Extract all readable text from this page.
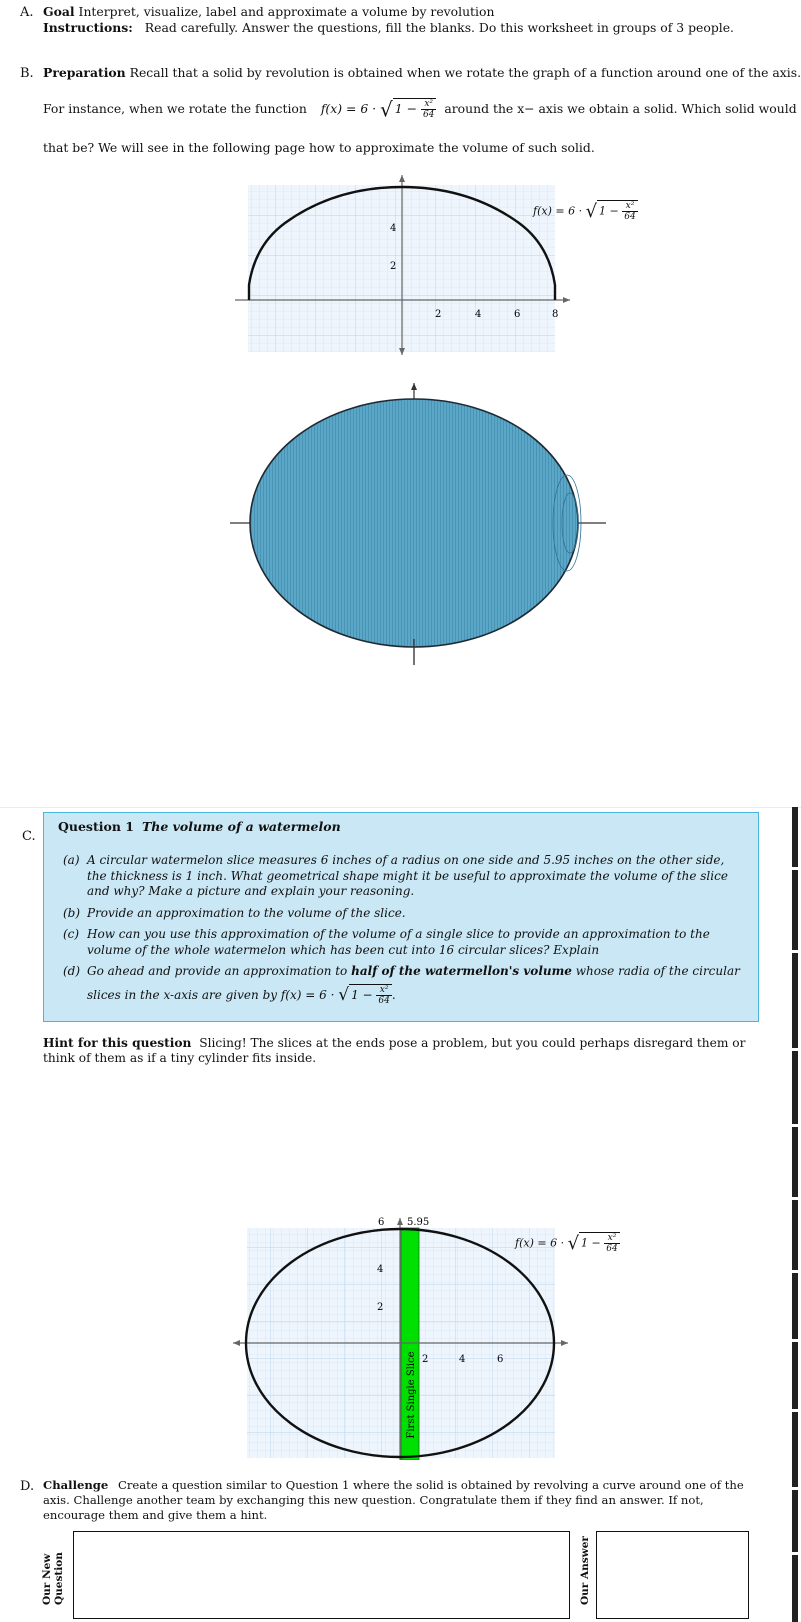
A. Goal Interpret, visualize, label and approximate a volume by revolution
Instructions: Read carefully. Answer the questions, fill the blanks. Do this worksheet in groups of 3 people.
B. Preparation Recall that a solid by revolution is obtained when we rotate the graph of a function around one of the axis.
For instance, when we rotate the function f(x) = 6 · √ $1 - \frac{\text{x²}}{64}$ around the x− axis we obtain a solid. Which solid would
that be? We will see in the following page how to approximate the volume of such solid.
4
2
2	4	6	8
f(x) = 6 · √ $1 - \frac{\text{x²}}{64}$
C.
Question 1 The volume of a watermelon
(a) A circular watermelon slice measures 6 inches of a radius on one side and 5.95 inches on the other side, the thickness is 1 inch. What geometrical shape might it be useful to approximate the volume of the slice and why? Make a picture and explain your reasoning.
(b) Provide an approximation to the volume of the slice.
(c) How can you use this approximation of the volume of a single slice to provide an approximation to the volume of the whole watermelon which has been cut into 16 circular slices? Explain
(d) Go ahead and provide an approximation to half of the watermellon's volume whose radia of the circular
slices in the x-axis are given by f(x) = 6 · √ $1 - \frac{\text{x²}}{64}$ .
Hint for this question Slicing! The slices at the ends pose a problem, but you could perhaps disregard them or think of them as if a tiny cylinder fits inside.
6 5.95
4
2
2	4	6
First Single Slice
f(x) = 6 · √ $1 - \frac{\text{x²}}{64}$
D. Challenge Create a question similar to Question 1 where the solid is obtained by revolving a curve around one of the axis. Challenge another team by exchanging this new question. Congratulate them if they find an answer. If not, encourage them and give them a hint.
Our New Question	Our Answer
